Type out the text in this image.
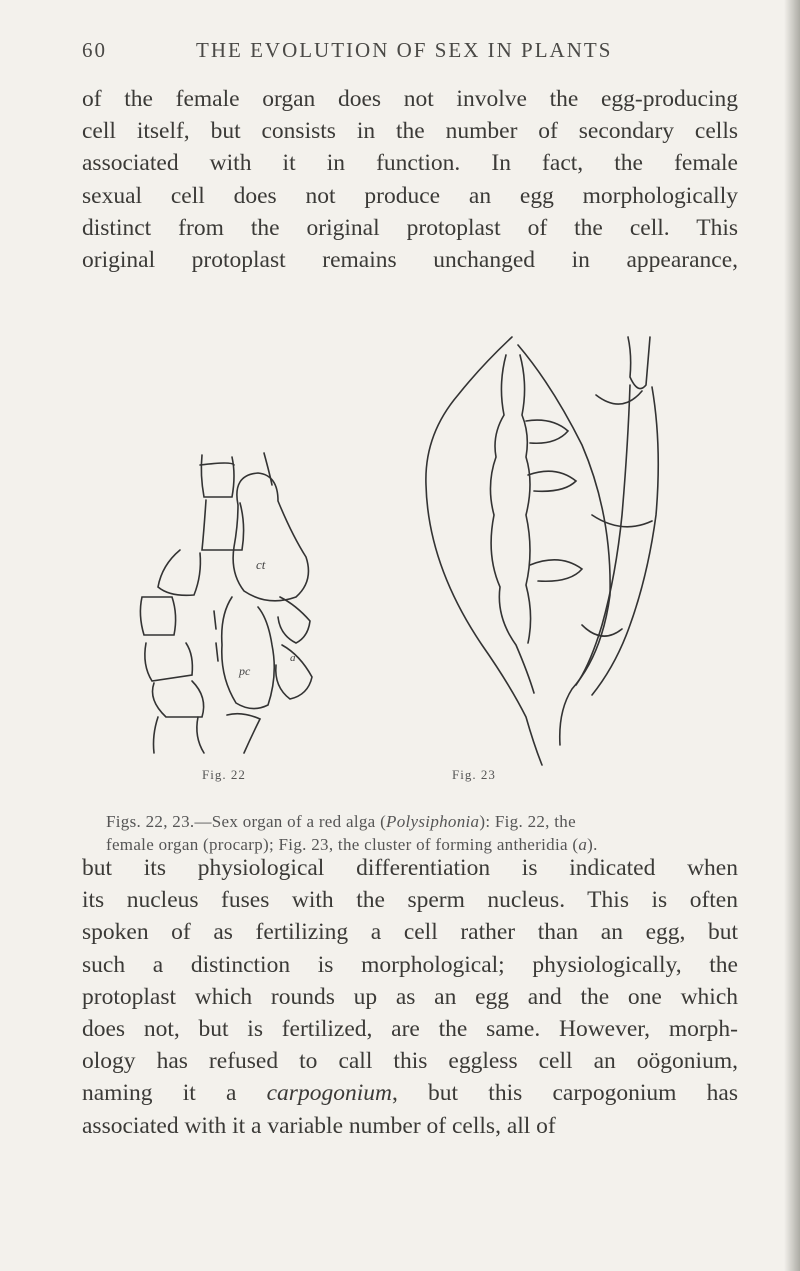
60	THE EVOLUTION OF SEX IN PLANTS
of the female organ does not involve the egg-producing
cell itself, but consists in the number of secondary cells
associated with it in function. In fact, the female
sexual cell does not produce an egg morphologically
distinct from the original protoplast of the cell. This
original protoplast remains unchanged in appearance,
ct
pc
a
Fig. 22	Fig. 23
Figs. 22, 23.—Sex organ of a red alga (Polysiphonia): Fig. 22, the
female organ (procarp); Fig. 23, the cluster of forming antheridia (a).
but its physiological differentiation is indicated when
its nucleus fuses with the sperm nucleus. This is often
spoken of as fertilizing a cell rather than an egg, but
such a distinction is morphological; physiologically, the
protoplast which rounds up as an egg and the one which
does not, but is fertilized, are the same. However, morph-
ology has refused to call this eggless cell an oögonium,
naming it a carpogonium, but this carpogonium has
associated with it a variable number of cells, all of
